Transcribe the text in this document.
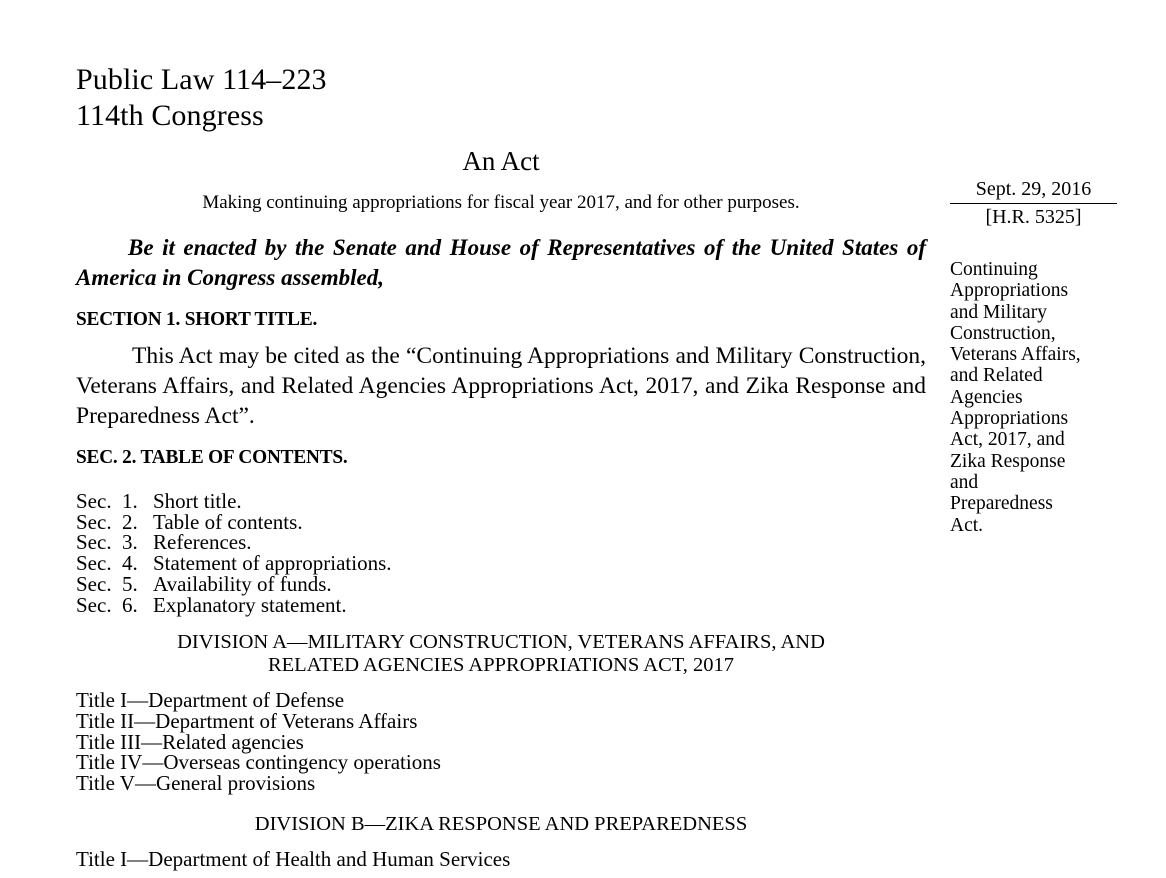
Public Law 114–223
114th Congress
An Act
Making continuing appropriations for fiscal year 2017, and for other purposes.
Be it enacted by the Senate and House of Representatives of the United States of America in Congress assembled,
SECTION 1. SHORT TITLE.
This Act may be cited as the “Continuing Appropriations and Military Construction, Veterans Affairs, and Related Agencies Appropriations Act, 2017, and Zika Response and Preparedness Act”.
SEC. 2. TABLE OF CONTENTS.
Sec. 1. Short title.
Sec. 2. Table of contents.
Sec. 3. References.
Sec. 4. Statement of appropriations.
Sec. 5. Availability of funds.
Sec. 6. Explanatory statement.
DIVISION A—MILITARY CONSTRUCTION, VETERANS AFFAIRS, AND
RELATED AGENCIES APPROPRIATIONS ACT, 2017
Title I—Department of Defense
Title II—Department of Veterans Affairs
Title III—Related agencies
Title IV—Overseas contingency operations
Title V—General provisions
DIVISION B—ZIKA RESPONSE AND PREPAREDNESS
Title I—Department of Health and Human Services
Sept. 29, 2016
[H.R. 5325]
Continuing
Appropriations
and Military
Construction,
Veterans Affairs,
and Related
Agencies
Appropriations
Act, 2017, and
Zika Response
and
Preparedness
Act.
